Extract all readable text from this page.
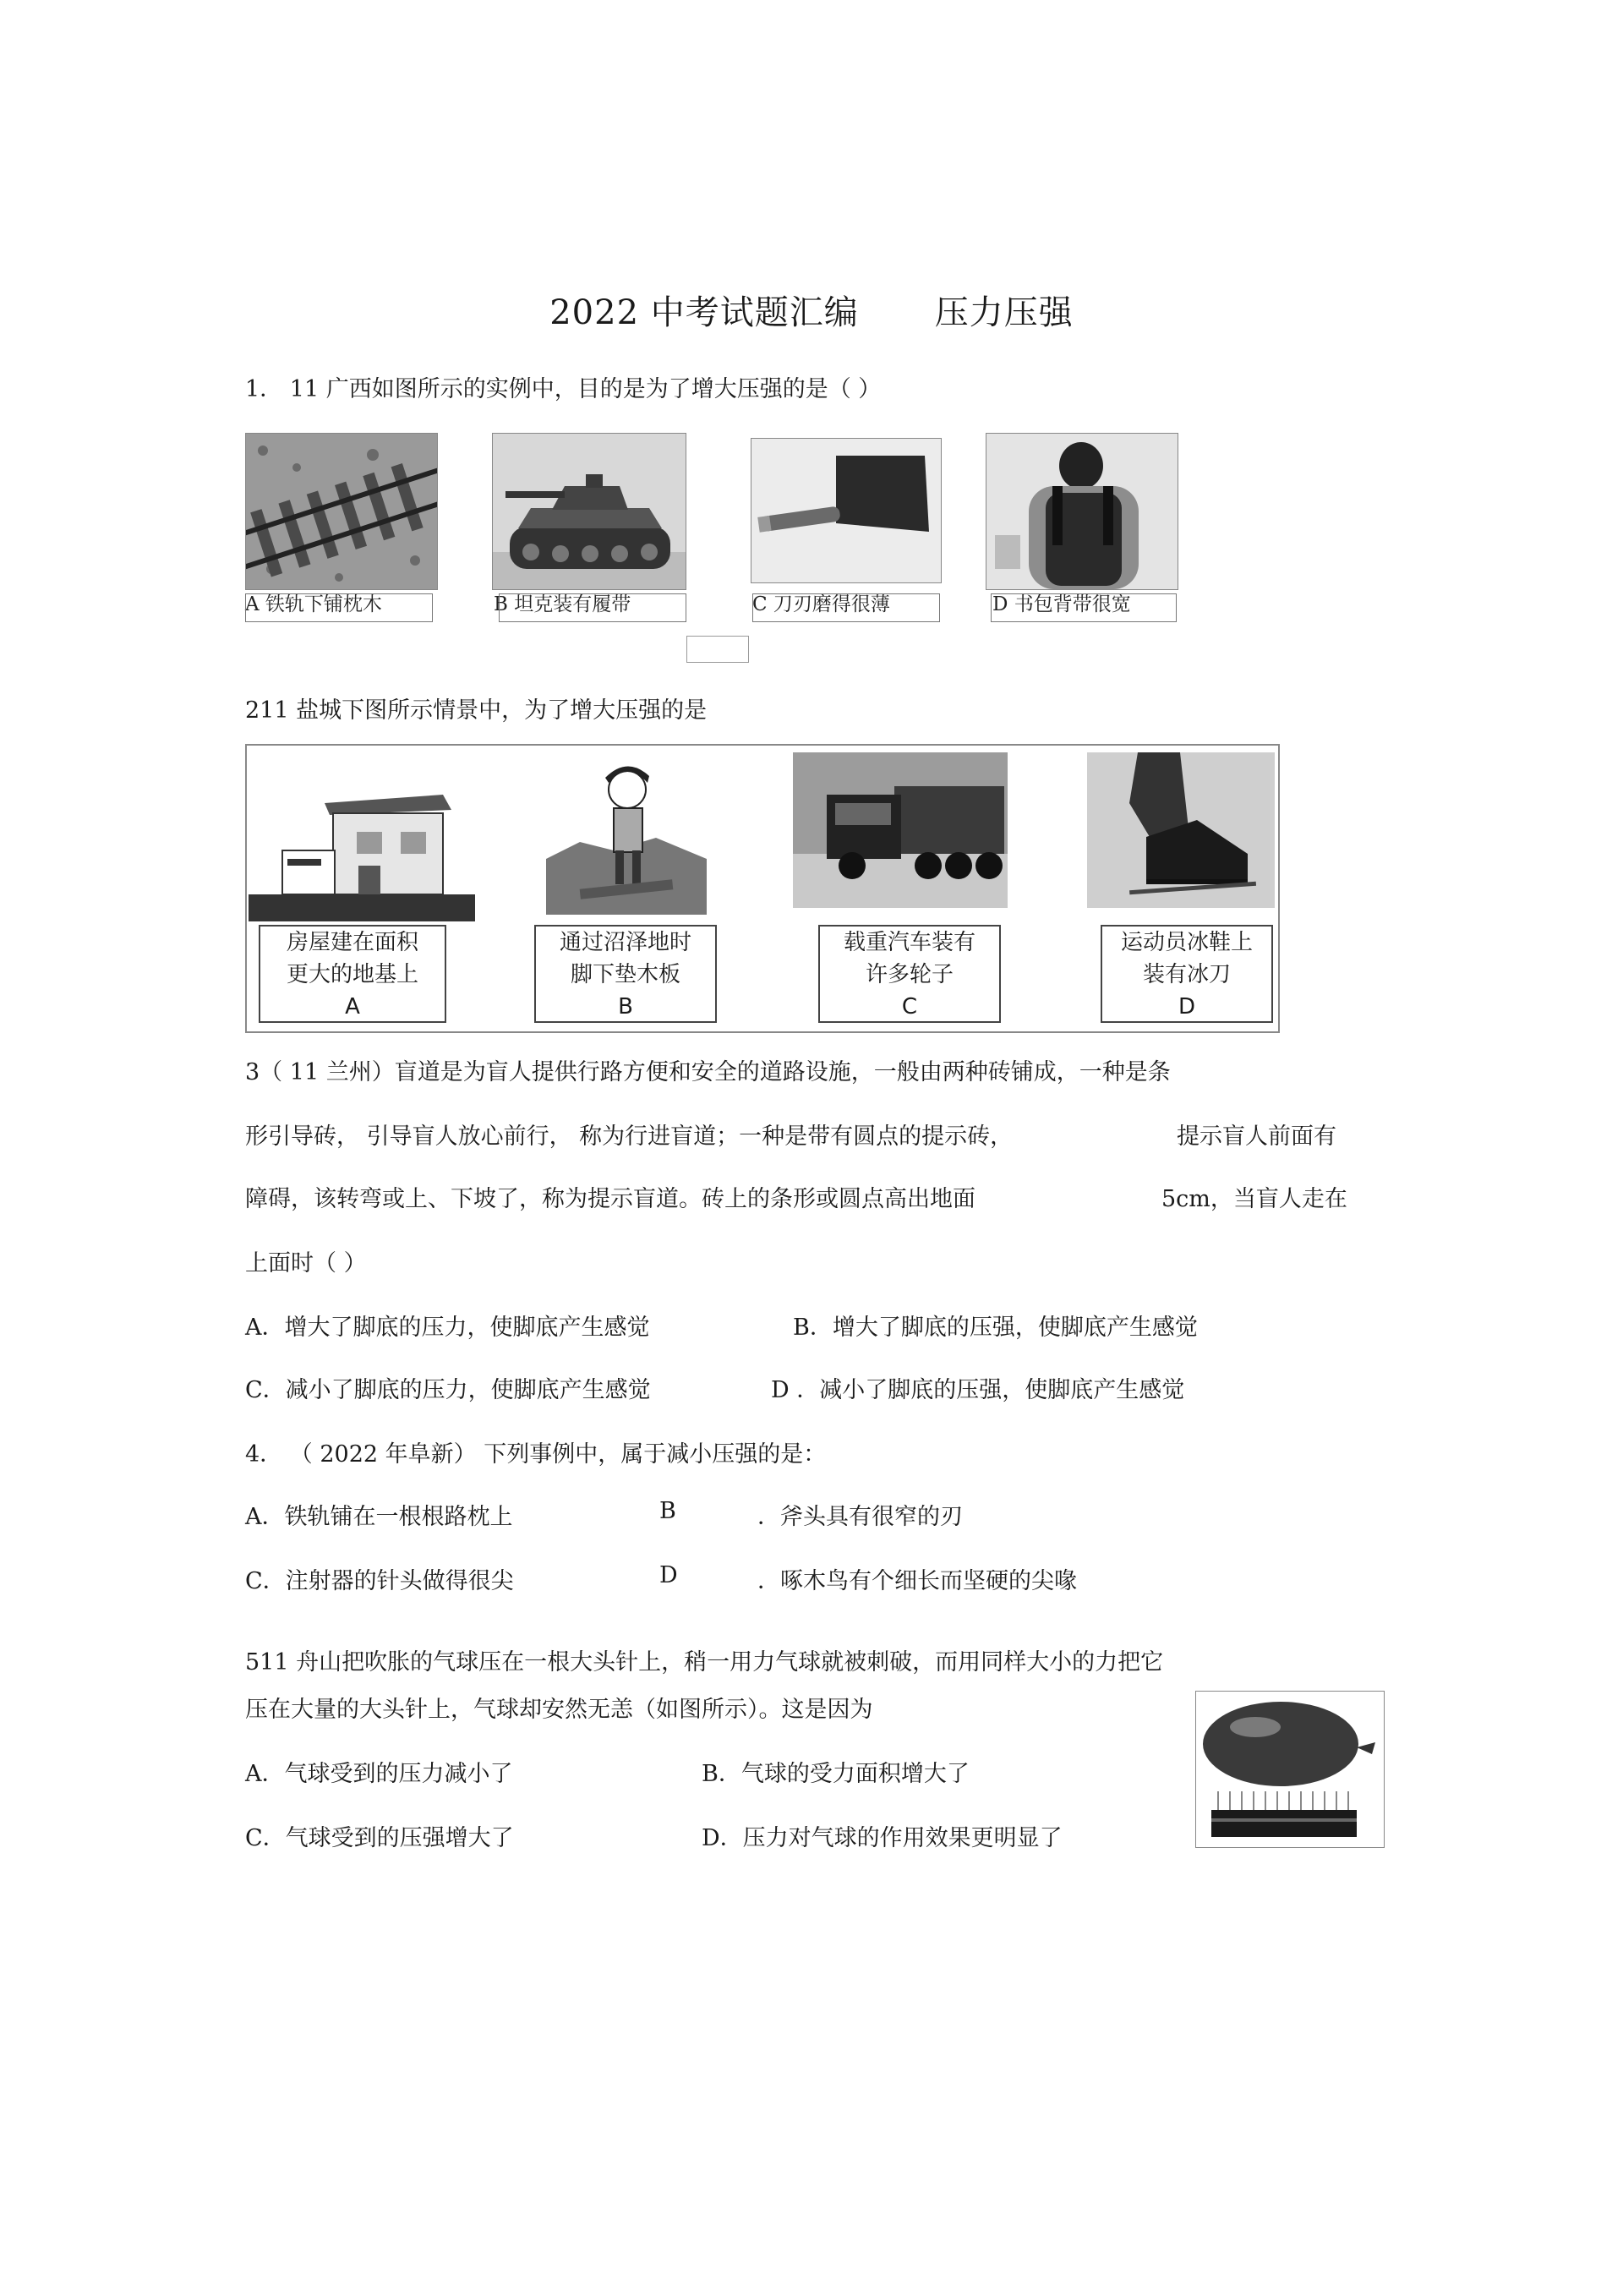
2022 中考试题汇编 压力压强
1． 11 广西如图所示的实例中，目的是为了增大压强的是（ ）
A 铁轨下铺枕木	B 坦克装有履带	C 刀刃磨得很薄	D 书包背带很宽
211 盐城下图所示情景中，为了增大压强的是
房屋建在面积
更大的地基上
A
通过沼泽地时
脚下垫木板
B
载重汽车装有
许多轮子
C
运动员冰鞋上
装有冰刀
D
3（ 11 兰州）盲道是为盲人提供行路方便和安全的道路设施，一般由两种砖铺成，一种是条
形引导砖， 引导盲人放心前行， 称为行进盲道；一种是带有圆点的提示砖，	提示盲人前面有
障碍，该转弯或上、下坡了，称为提示盲道。砖上的条形或圆点高出地面	5cm，当盲人走在
上面时（ ）
A．增大了脚底的压力，使脚底产生感觉	B．增大了脚底的压强，使脚底产生感觉
C．减小了脚底的压力，使脚底产生感觉	D ．减小了脚底的压强，使脚底产生感觉
4． （ 2022 年阜新） 下列事例中，属于减小压强的是：
A．铁轨铺在一根根路枕上	B	．斧头具有很窄的刃
C．注射器的针头做得很尖	D	．啄木鸟有个细长而坚硬的尖喙
511 舟山把吹胀的气球压在一根大头针上，稍一用力气球就被刺破，而用同样大小的力把它
压在大量的大头针上，气球却安然无恙（如图所示）。这是因为
A．气球受到的压力减小了	B．气球的受力面积增大了
C．气球受到的压强增大了	D．压力对气球的作用效果更明显了
